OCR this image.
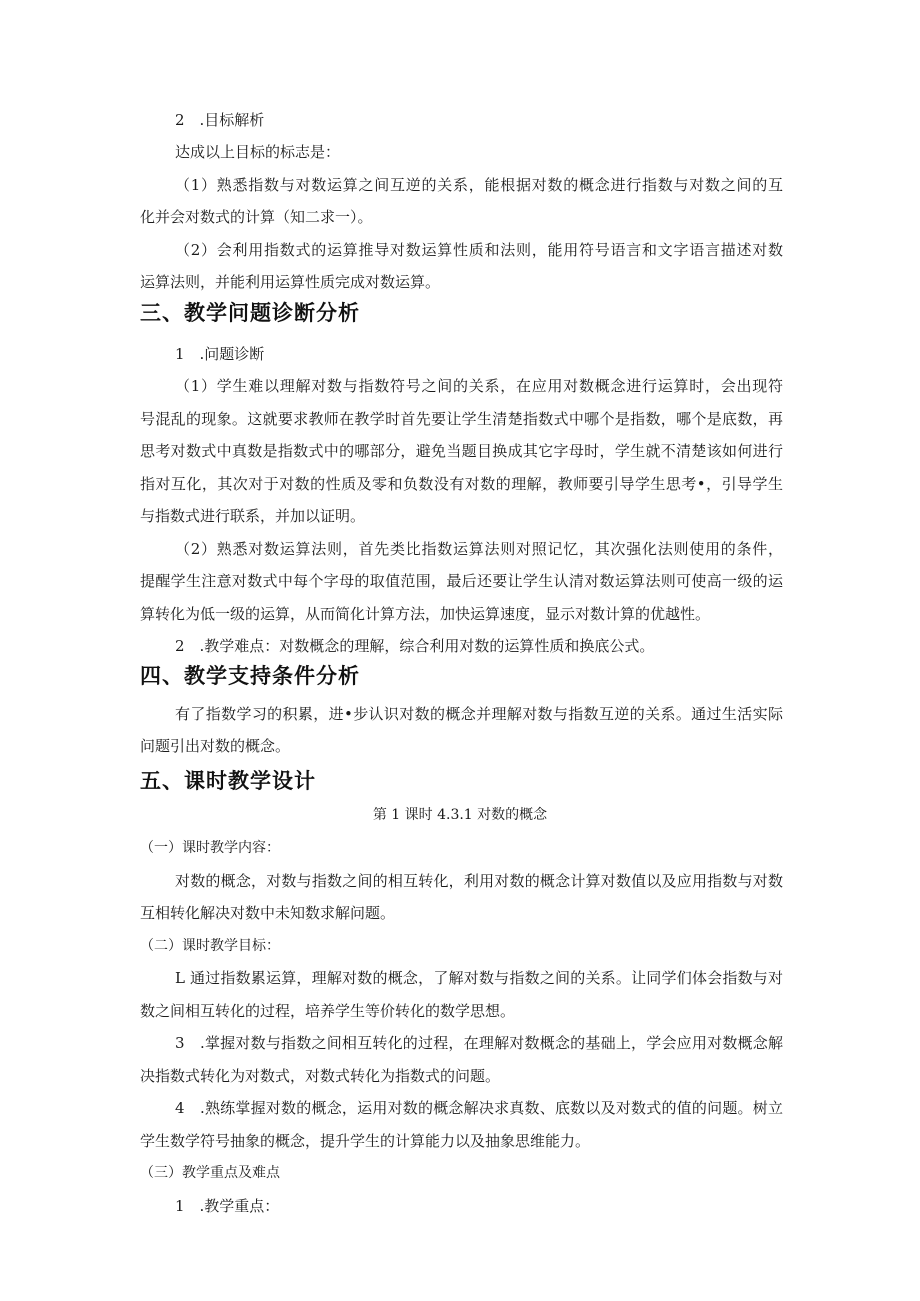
2　.目标解析

达成以上目标的标志是：

（1）熟悉指数与对数运算之间互逆的关系，能根据对数的概念进行指数与对数之间的互

化并会对数式的计算（知二求一）。

（2）会利用指数式的运算推导对数运算性质和法则，能用符号语言和文字语言描述对数

运算法则，并能利用运算性质完成对数运算。

三、教学问题诊断分析

1　.问题诊断

（1）学生难以理解对数与指数符号之间的关系，在应用对数概念进行运算时，会出现符

号混乱的现象。这就要求教师在教学时首先要让学生清楚指数式中哪个是指数，哪个是底数，再

思考对数式中真数是指数式中的哪部分，避免当题目换成其它字母时，学生就不清楚该如何进行

指对互化，其次对于对数的性质及零和负数没有对数的理解，教师要引导学生思考•，引导学生

与指数式进行联系，并加以证明。

（2）熟悉对数运算法则，首先类比指数运算法则对照记忆，其次强化法则使用的条件，

提醒学生注意对数式中每个字母的取值范围，最后还要让学生认清对数运算法则可使高一级的运

算转化为低一级的运算，从而简化计算方法，加快运算速度，显示对数计算的优越性。

2　.教学难点：对数概念的理解，综合利用对数的运算性质和换底公式。

四、教学支持条件分析

有了指数学习的积累，进•步认识对数的概念并理解对数与指数互逆的关系。通过生活实际

问题引出对数的概念。

五、课时教学设计

第 1 课时 4.3.1 对数的概念

（一）课时教学内容：

对数的概念，对数与指数之间的相互转化，利用对数的概念计算对数值以及应用指数与对数

互相转化解决对数中未知数求解问题。

（二）课时教学目标：

L 通过指数累运算，理解对数的概念，了解对数与指数之间的关系。让同学们体会指数与对

数之间相互转化的过程，培养学生等价转化的数学思想。

3　.掌握对数与指数之间相互转化的过程，在理解对数概念的基础上，学会应用对数概念解

决指数式转化为对数式，对数式转化为指数式的问题。

4　.熟练掌握对数的概念，运用对数的概念解决求真数、底数以及对数式的值的问题。树立

学生数学符号抽象的概念，提升学生的计算能力以及抽象思维能力。

（三）教学重点及难点

1　.教学重点：
